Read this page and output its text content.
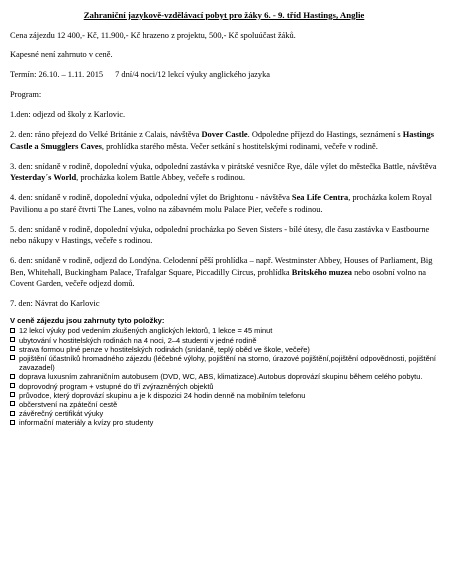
Zahraniční jazykově-vzdělávací pobyt pro žáky 6. - 9. tříd Hastings, Anglie

Cena zájezdu 12 400,- Kč, 11.900,- Kč hrazeno z projektu, 500,- Kč spoluúčast žáků.

Kapesné není zahrnuto v ceně.

Termín: 26.10. – 1.11. 2015 7 dní/4 noci/12 lekcí výuky anglického jazyka

Program:

1.den: odjezd od školy z Karlovic.

2. den: ráno přejezd do Velké Británie z Calais, návštěva Dover Castle. Odpoledne příjezd do Hastings, seznámení s Hastings Castle a Smugglers Caves, prohlídka starého města. Večer setkání s hostitelskými rodinami, večeře v rodině.

3. den: snídaně v rodině, dopolední výuka, odpolední zastávka v pirátské vesničce Rye, dále výlet do městečka Battle, návštěva Yesterday´s World, procházka kolem Battle Abbey, večeře s rodinou.

4. den: snídaně v rodině, dopolední výuka, odpolední výlet do Brightonu - návštěva Sea Life Centra, procházka kolem Royal Pavilionu a po staré čtvrti The Lanes, volno na zábavném molu Palace Pier, večeře s rodinou.

5. den: snídaně v rodině, dopolední výuka, odpolední procházka po Seven Sisters - bílé útesy, dle času zastávka v Eastbourne nebo nákupy v Hastings, večeře s rodinou.

6. den: snídaně v rodině, odjezd do Londýna. Celodenní pěší prohlídka – např. Westminster Abbey, Houses of Parliament, Big Ben, Whitehall, Buckingham Palace, Trafalgar Square, Piccadilly Circus, prohlídka Britského muzea nebo osobní volno na Covent Garden, večeře odjezd domů.

7. den: Návrat do Karlovic

V ceně zájezdu jsou zahrnuty tyto položky:
12 lekcí výuky pod vedením zkušených anglických lektorů, 1 lekce = 45 minut
ubytování v hostitelských rodinách na 4 noci, 2–4 studenti v jedné rodině
strava formou plné penze v hostitelských rodinách (snídaně, teplý oběd ve škole, večeře)
pojištění účastníků hromadného zájezdu (léčebné výlohy, pojištění na storno, úrazové pojištění,pojištění odpovědnosti, pojištění zavazadel)
doprava luxusním zahraničním autobusem (DVD, WC, ABS, klimatizace).Autobus doprovází skupinu během celého pobytu.
doprovodný program + vstupné do tří zvýrazněných objektů
průvodce, který doprovází skupinu a je k dispozici 24 hodin denně na mobilním telefonu
občerstvení na zpáteční cestě
závěrečný certifikát výuky
informační materiály a kvízy pro studenty
